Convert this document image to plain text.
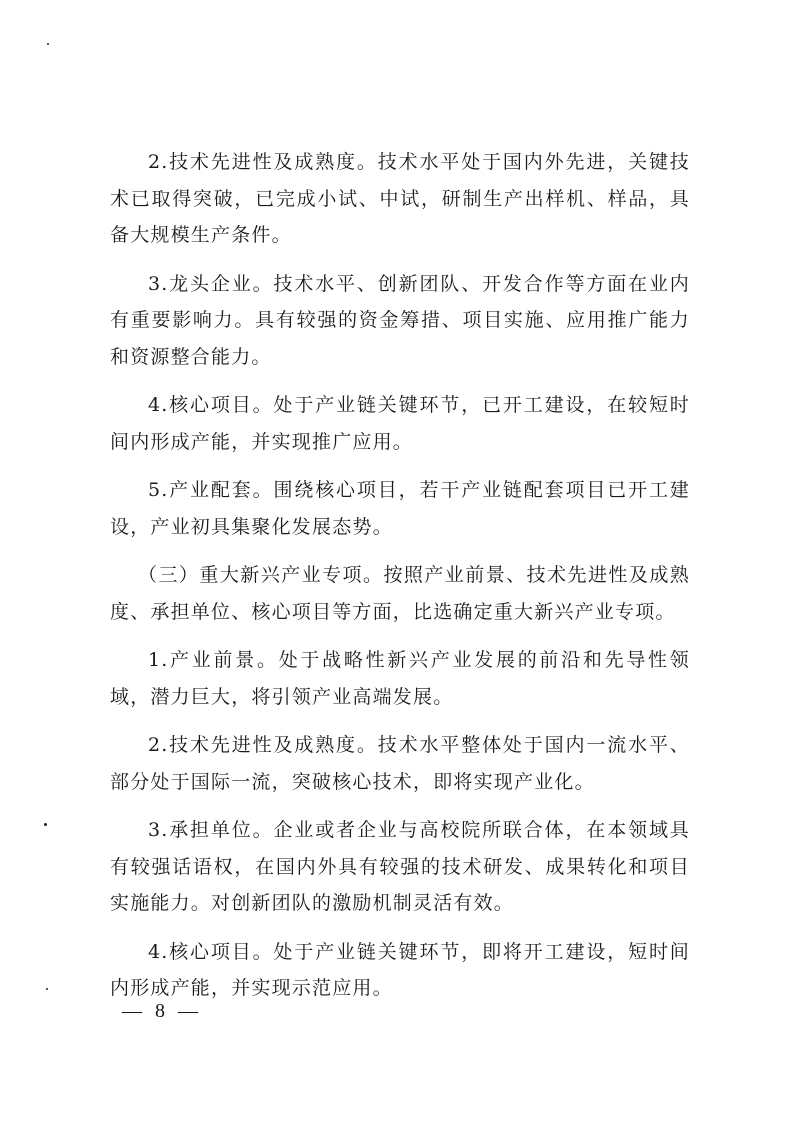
2.技术先进性及成熟度。技术水平处于国内外先进，关键技术已取得突破，已完成小试、中试，研制生产出样机、样品，具备大规模生产条件。

3.龙头企业。技术水平、创新团队、开发合作等方面在业内有重要影响力。具有较强的资金筹措、项目实施、应用推广能力和资源整合能力。

4.核心项目。处于产业链关键环节，已开工建设，在较短时间内形成产能，并实现推广应用。

5.产业配套。围绕核心项目，若干产业链配套项目已开工建设，产业初具集聚化发展态势。

（三）重大新兴产业专项。按照产业前景、技术先进性及成熟度、承担单位、核心项目等方面，比选确定重大新兴产业专项。

1.产业前景。处于战略性新兴产业发展的前沿和先导性领域，潜力巨大，将引领产业高端发展。

2.技术先进性及成熟度。技术水平整体处于国内一流水平、部分处于国际一流，突破核心技术，即将实现产业化。

3.承担单位。企业或者企业与高校院所联合体，在本领域具有较强话语权，在国内外具有较强的技术研发、成果转化和项目实施能力。对创新团队的激励机制灵活有效。

4.核心项目。处于产业链关键环节，即将开工建设，短时间内形成产能，并实现示范应用。

— 8 —
